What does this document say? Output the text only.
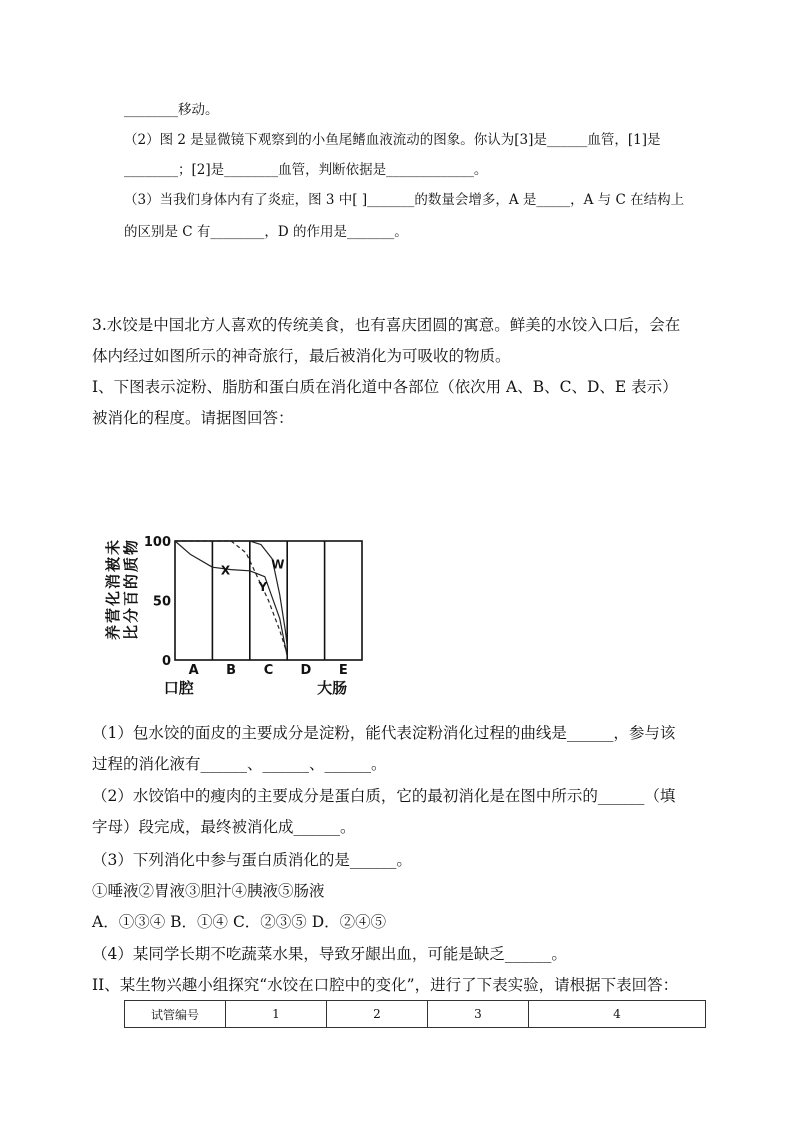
________移动。
（2）图 2 是显微镜下观察到的小鱼尾鳍血液流动的图象。你认为[3]是______血管，[1]是
________；[2]是________血管，判断依据是_____________。
（3）当我们身体内有了炎症，图 3 中[ ]_______的数量会增多，A 是_____，A 与 C 在结构上
的区别是 C 有________，D 的作用是_______。
3.水饺是中国北方人喜欢的传统美食，也有喜庆团圆的寓意。鲜美的水饺入口后，会在
体内经过如图所示的神奇旅行，最后被消化为可吸收的物质。
I、下图表示淀粉、脂肪和蛋白质在消化道中各部位（依次用 A、B、C、D、E 表示）
被消化的程度。请据图回答：
100
50
0
A B C D E
口腔	大肠
未
被
消
化
营
养
物
质
的
百
分
比
X
Y
W
（1）包水饺的面皮的主要成分是淀粉，能代表淀粉消化过程的曲线是______，参与该
过程的消化液有______、______、______。
（2）水饺馅中的瘦肉的主要成分是蛋白质，它的最初消化是在图中所示的______（填
字母）段完成，最终被消化成______。
（3）下列消化中参与蛋白质消化的是______。
①唾液②胃液③胆汁④胰液⑤肠液
A．①③④ B．①④ C．②③⑤ D．②④⑤
（4）某同学长期不吃蔬菜水果，导致牙龈出血，可能是缺乏______。
II、某生物兴趣小组探究“水饺在口腔中的变化”，进行了下表实验，请根据下表回答：
试管编号	1	2	3	4
